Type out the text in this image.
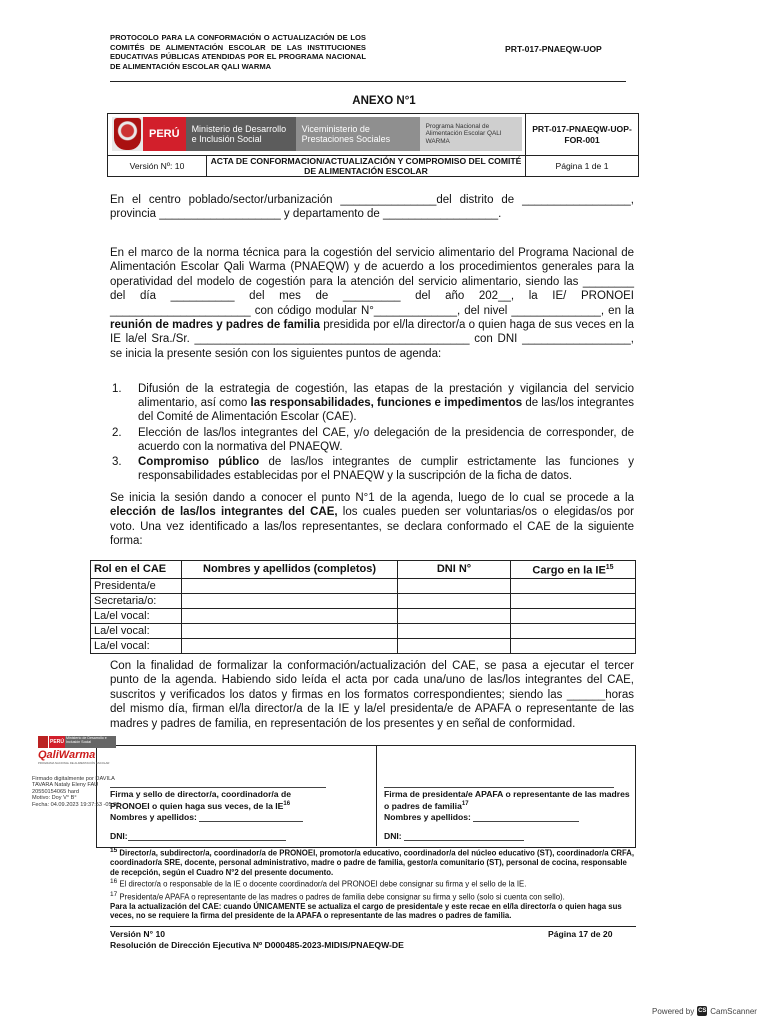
PROTOCOLO PARA LA CONFORMACIÓN O ACTUALIZACIÓN DE LOS COMITÉS DE ALIMENTACIÓN ESCOLAR DE LAS INSTITUCIONES EDUCATIVAS PÚBLICAS ATENDIDAS POR EL PROGRAMA NACIONAL DE ALIMENTACIÓN ESCOLAR QALI WARMA
PRT-017-PNAEQW-UOP
ANEXO N°1
PERÚ Ministerio de Desarrollo e Inclusión Social
Viceministerio de Prestaciones Sociales
Programa Nacional de Alimentación Escolar QALI WARMA		PRT-017-PNAEQW-UOP-FOR-001
Versión Nº: 10	ACTA DE CONFORMACION/ACTUALIZACIÓN Y COMPROMISO DEL COMITÉ DE ALIMENTACIÓN ESCOLAR	Página 1 de 1
En el centro poblado/sector/urbanización _______________del distrito de _________________, provincia ___________________ y departamento de __________________.
En el marco de la norma técnica para la cogestión del servicio alimentario del Programa Nacional de Alimentación Escolar Qali Warma (PNAEQW) y de acuerdo a los procedimientos generales para la operatividad del modelo de cogestión para la atención del servicio alimentario, siendo las ________ del día __________ del mes de _________ del año 202__, la IE/ PRONOEI ______________________ con código modular N°_____________, del nivel ______________, en la reunión de madres y padres de familia presidida por el/la director/a o quien haga de sus veces en la IE la/el Sra./Sr. ___________________________________________ con DNI _________________, se inicia la presente sesión con los siguientes puntos de agenda:
1.	Difusión de la estrategia de cogestión, las etapas de la prestación y vigilancia del servicio alimentario, así como las responsabilidades, funciones e impedimentos de las/los integrantes del Comité de Alimentación Escolar (CAE).
2.	Elección de las/los integrantes del CAE, y/o delegación de la presidencia de corresponder, de acuerdo con la normativa del PNAEQW.
3.	Compromiso público de las/los integrantes de cumplir estrictamente las funciones y responsabilidades establecidas por el PNAEQW y la suscripción de la ficha de datos.
Se inicia la sesión dando a conocer el punto N°1 de la agenda, luego de lo cual se procede a la elección de las/los integrantes del CAE, los cuales pueden ser voluntarias/os o elegidas/os por voto. Una vez identificado a las/los representantes, se declara conformado el CAE de la siguiente forma:
Rol en el CAE	Nombres y apellidos (completos)	DNI N°	Cargo en la IE$^{15}$
Presidenta/e			
Secretaria/o:			
La/el vocal:			
La/el vocal:			
La/el vocal:			
Con la finalidad de formalizar la conformación/actualización del CAE, se pasa a ejecutar el tercer punto de la agenda. Habiendo sido leída el acta por cada una/uno de las/los integrantes del CAE, suscritos y verificados los datos y firmas en los formatos correspondientes; siendo las ______horas del mismo día, firman el/la director/a de la IE y la/el presidenta/e de APAFA o representante de las madres y padres de familia, en representación de los presentes y en señal de conformidad.
Firma y sello de director/a, coordinador/a de PRONOEI o quien haga sus veces, de la IE$^{16}$
Nombres y apellidos:
DNI:
Firma de presidenta/e APAFA o representante de las madres o padres de familia$^{17}$
Nombres y apellidos:
DNI:
PERÚ
Ministerio de Desarrollo e Inclusión Social
QaliWarma
PROGRAMA NACIONAL DE ALIMENTACIÓN ESCOLAR
Firmado digitalmente por DAVILA
TAVARA Nataly Eleny FAU
20550154065 hard
Motivo: Doy V° B°
Fecha: 04.09.2023 19:37:53 -05:00
$^{15}$ Director/a, subdirector/a, coordinador/a de PRONOEI, promotor/a educativo, coordinador/a del núcleo educativo (ST), coordinador/a CRFA, coordinador/a SRE, docente, personal administrativo, madre o padre de familia, gestor/a comunitario (ST), personal de cocina, responsable de recepción, según el Cuadro N°2 del presente documento.
$^{16}$ El director/a o responsable de la IE o docente coordinador/a del PRONOEI debe consignar su firma y el sello de la IE.
$^{17}$ Presidenta/e APAFA o representante de las madres o padres de familia debe consignar su firma y sello (solo si cuenta con sello).
Para la actualización del CAE: cuando ÚNICAMENTE se actualiza el cargo de presidenta/e y este recae en el/la director/a o quien haga sus veces, no se requiere la firma del presidente de la APAFA o representante de las madres o padres de familia.
Versión N° 10
Resolución de Dirección Ejecutiva Nº D000485-2023-MIDIS/PNAEQW-DE
Página 17 de 20
Powered by CS CamScanner
